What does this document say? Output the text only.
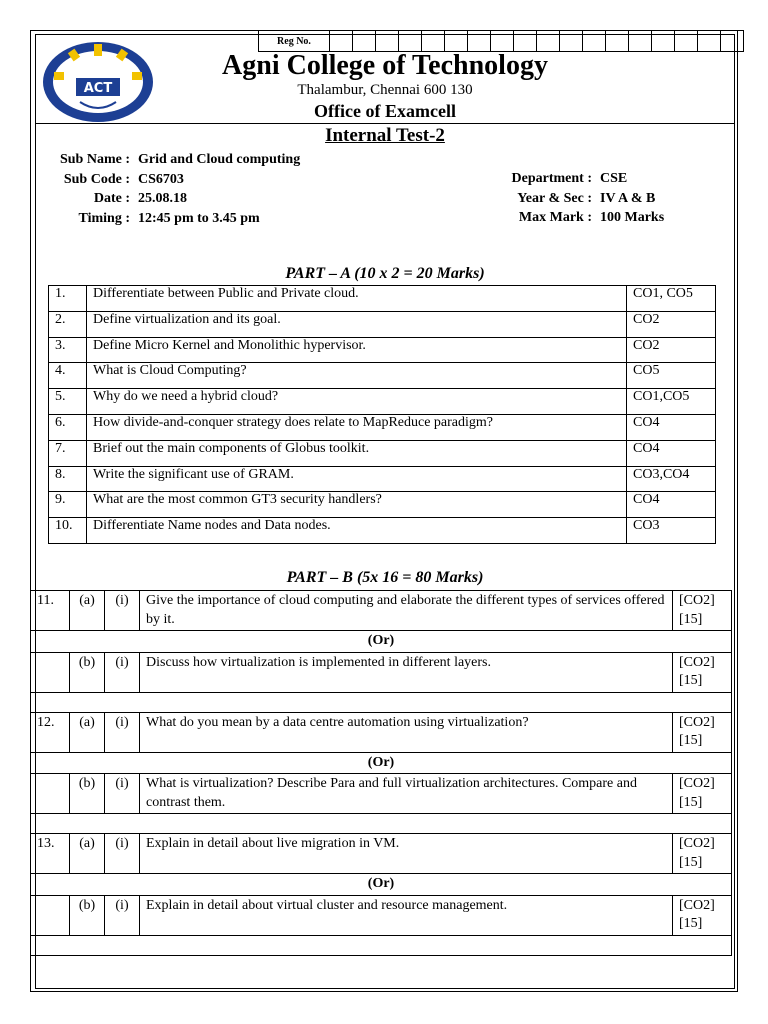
Reg No.																		
ACT
Agni College of Technology
Thalambur, Chennai 600 130
Office of Examcell
Internal Test-2
Sub Name : Grid and Cloud computing
Sub Code : CS6703
Date : 25.08.18
Timing : 12:45 pm to 3.45 pm
Department : CSE
Year & Sec : IV A & B
Max Mark : 100 Marks
PART – A (10 x 2 = 20 Marks)
1.	Differentiate between Public and Private cloud.	CO1, CO5
2.	Define virtualization and its goal.	CO2
3.	Define Micro Kernel and Monolithic hypervisor.	CO2
4.	What is Cloud Computing?	CO5
5.	Why do we need a hybrid cloud?	CO1,CO5
6.	How divide-and-conquer strategy does relate to MapReduce paradigm?	CO4
7.	Brief out the main components of Globus toolkit.	CO4
8.	Write the significant use of GRAM.	CO3,CO4
9.	What are the most common GT3 security handlers?	CO4
10.	Differentiate Name nodes and Data nodes.	CO3
PART – B (5x 16 = 80 Marks)
11.	(a)	(i)	Give the importance of cloud computing and elaborate the different types of services offered by it.	[CO2]
[15]

(Or)				
	(b)	(i)	Discuss how virtualization is implemented in different layers.	[CO2]
[15]

12.	(a)	(i)	What do you mean by a data centre automation using virtualization?	[CO2]
[15]

(Or)				
	(b)	(i)	What is virtualization? Describe Para and full virtualization architectures. Compare and contrast them.	[CO2]
[15]

13.	(a)	(i)	Explain in detail about live migration in VM.	[CO2]
[15]

(Or)				
	(b)	(i)	Explain in detail about virtual cluster and resource management.	[CO2]
[15]
